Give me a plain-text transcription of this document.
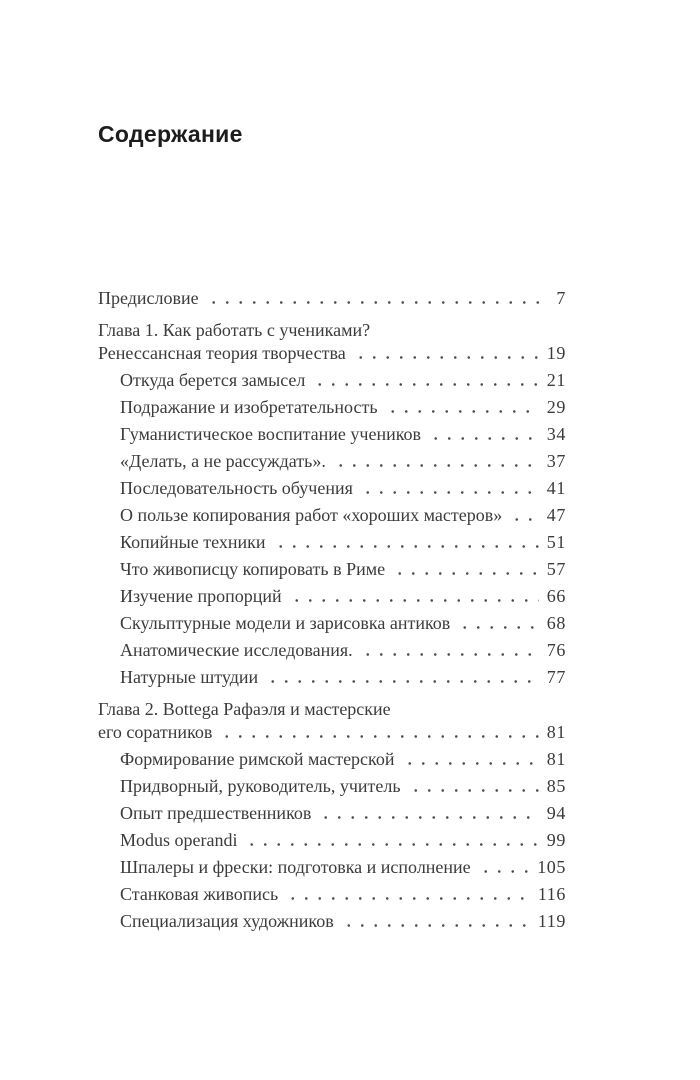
Содержание
Предисловие	7
Глава 1. Как работать с учениками?
Ренессансная теория творчества	19
Откуда берется замысел	21
Подражание и изобретательность	29
Гуманистическое воспитание учеников	34
«Делать, а не рассуждать».	37
Последовательность обучения	41
О пользе копирования работ «хороших мастеров» 47
Копийные техники	51
Что живописцу копировать в Риме	57
Изучение пропорций	66
Скульптурные модели и зарисовка антиков	68
Анатомические исследования.	76
Натурные штудии	77
Глава 2. Bottega Рафаэля и мастерские
его соратников	81
Формирование римской мастерской	81
Придворный, руководитель, учитель	85
Опыт предшественников	94
Modus operandi	99
Шпалеры и фрески: подготовка и исполнение	105
Станковая живопись	116
Специализация художников	119
